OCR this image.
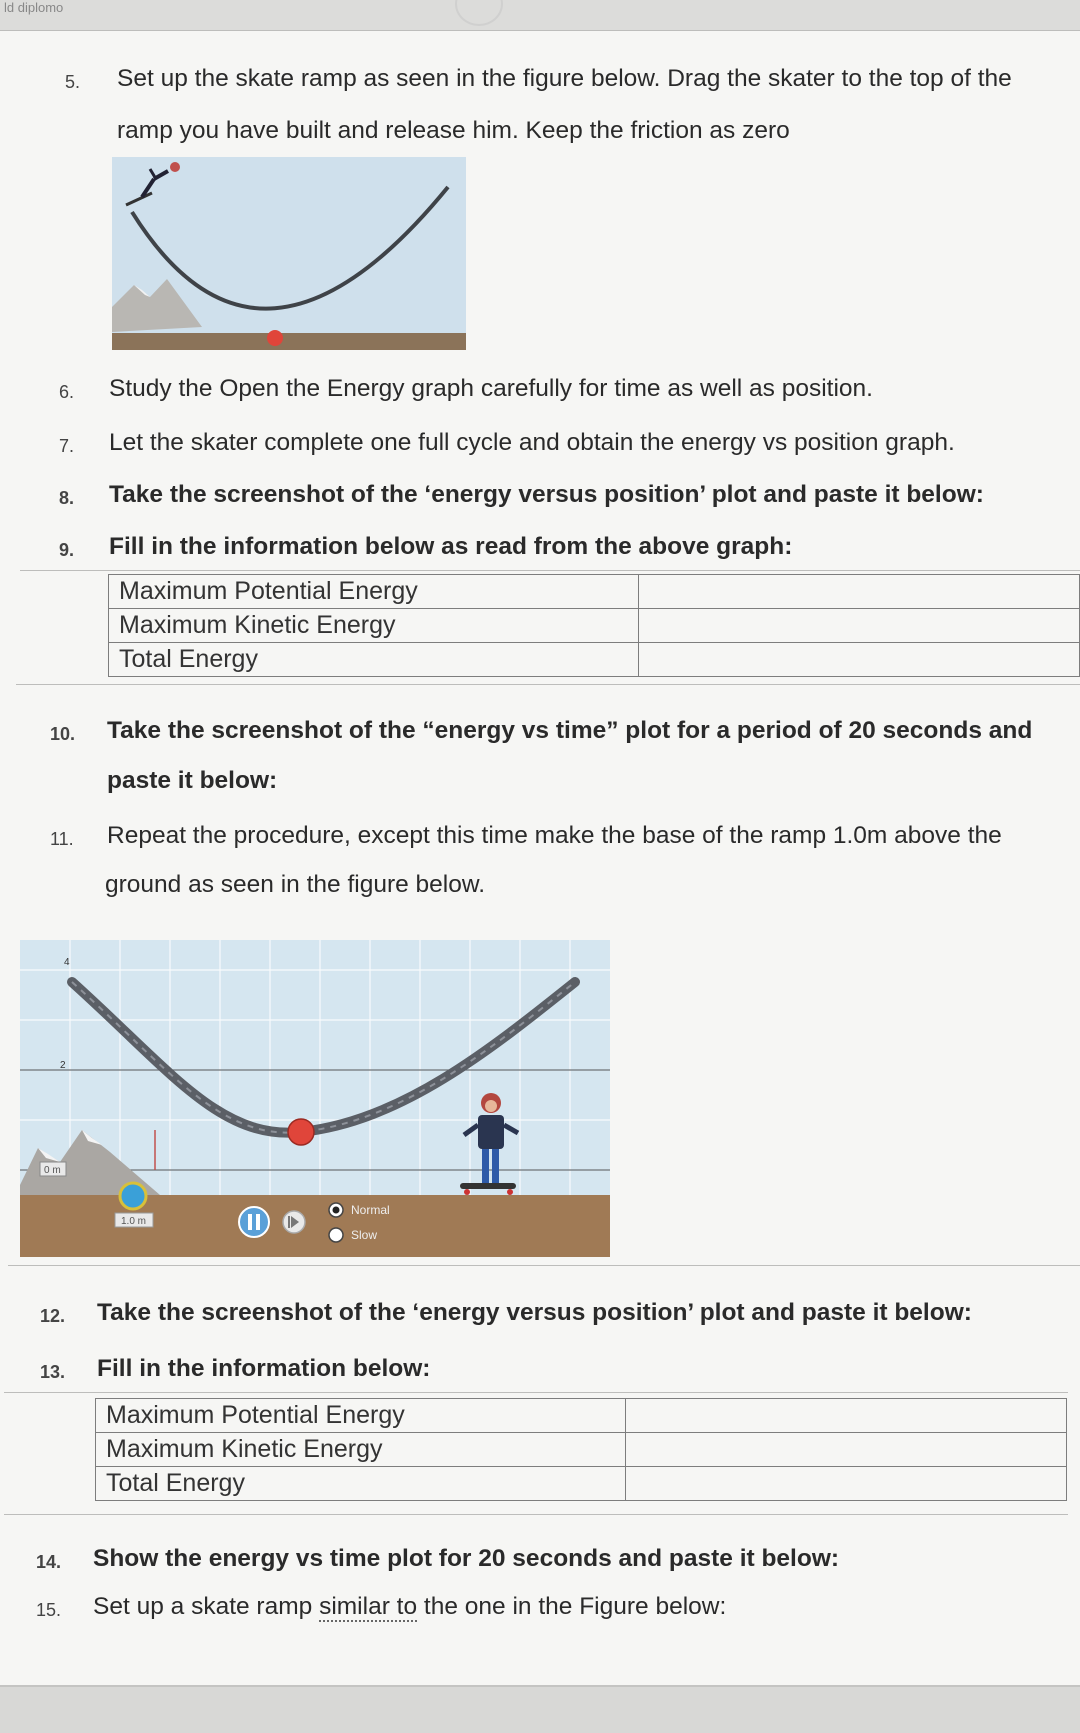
ld diplomo
5. Set up the skate ramp as seen in the figure below. Drag the skater to the top of the
ramp you have built and release him. Keep the friction as zero
6. Study the Open the Energy graph carefully for time as well as position.
7. Let the skater complete one full cycle and obtain the energy vs position graph.
8. Take the screenshot of the ‘energy versus position’ plot and paste it below:
9. Fill in the information below as read from the above graph:
Maximum Potential Energy	
Maximum Kinetic Energy	
Total Energy	
10. Take the screenshot of the “energy vs time” plot for a period of 20 seconds and
paste it below:
11. Repeat the procedure, except this time make the base of the ramp 1.0m above the
ground as seen in the figure below.
4
2
0 m
1.0 m
Normal
Slow
12. Take the screenshot of the ‘energy versus position’ plot and paste it below:
13. Fill in the information below:
Maximum Potential Energy	
Maximum Kinetic Energy	
Total Energy	
14. Show the energy vs time plot for 20 seconds and paste it below:
15. Set up a skate ramp similar to the one in the Figure below:
